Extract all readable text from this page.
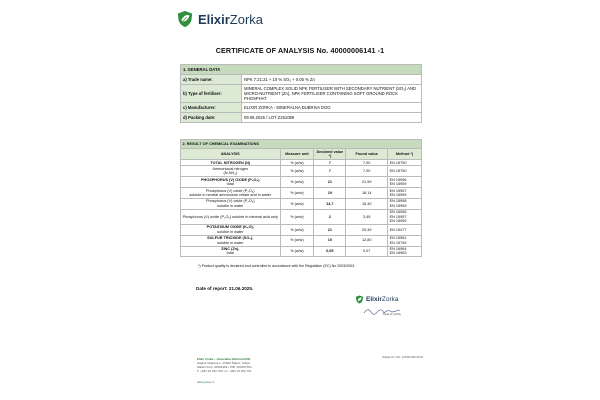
ElixirZorka
CERTIFICATE OF ANALYSIS No. 40000006141 -1
1. GENERAL DATA	
a) Trade name:	NPK 7:21:21 + 10 % SO₃ + 0.05 % Zn
b) Type of fertiliser:	MINERAL COMPLEX SOLID NPK FERTILISER WITH SECONDARY NUTRIENT (SO₃) AND MICRO-NUTRIENT (Zn), NPK FERTILISER CONTAINING SOFT GROUND ROCK PHOSPHAT
c) Manufacturer:	ELIXIR ZORKA - MINERALNA ĐUBRIVA DOO
d) Packing date:	09.06.2025 / LOT Z251089
2. RESULT OF CHEMICAL EXAMINATIONS				
ANALYSIS	Measure unit	Declared value *)	Found value	Method *)
TOTAL NITROGEN (N)	% (w/w)	7	7,00	EN 15750
Ammoniacal nitrogen
(N-NH₄)	% (w/w)	7	7,00	EN 15750
PHOSPHORUS (V) OXIDE (P₂O₅)
total	% (w/w)	21	21,59	EN 15956
EN 15959
Phosphorus (V) oxide (P₂O₅)
soluble in neutral ammonium citrate and in water	% (w/w)	19	18,14	EN 15957
EN 15959
Phosphorus (V) oxide (P₂O₅)
soluble in water	% (w/w)	14,7	15,40	EN 15958
EN 15959
Phosphorus (V) oxide (P₂O₅) soluble in mineral acid only	% (w/w)	2	3,45	EN 15956
EN 15957
EN 15959
POTASSIUM OXIDE (K₂O),
soluble in water	% (w/w)	21	20,49	EN 15477
SULFUR TRIOXIDE (SO₃),
soluble in water	% (w/w)	10	12,80	EN 15961
EN 15749
ZINC (Zn),
total	% (w/w)	0,05	0,07	EN 16964
EN 16963
*) Product quality is declared and controlled in accordance with the Regulation (EC) No 2003/2003.
Date of report: 21.06.2025.
ElixirZorka
Head of Quality
Elixir Zorka – mineralna đubriva DOO
Hajduk Veljkova 1, 15000 Šabac, Srbija
Matični broj: 20054469 • PIB: 103257064
T: +381 15 352 700 • F: +381 15 352 761
elixirgroup.rs
Izdanje 01 / Obr. Q-5033-005-01/18
